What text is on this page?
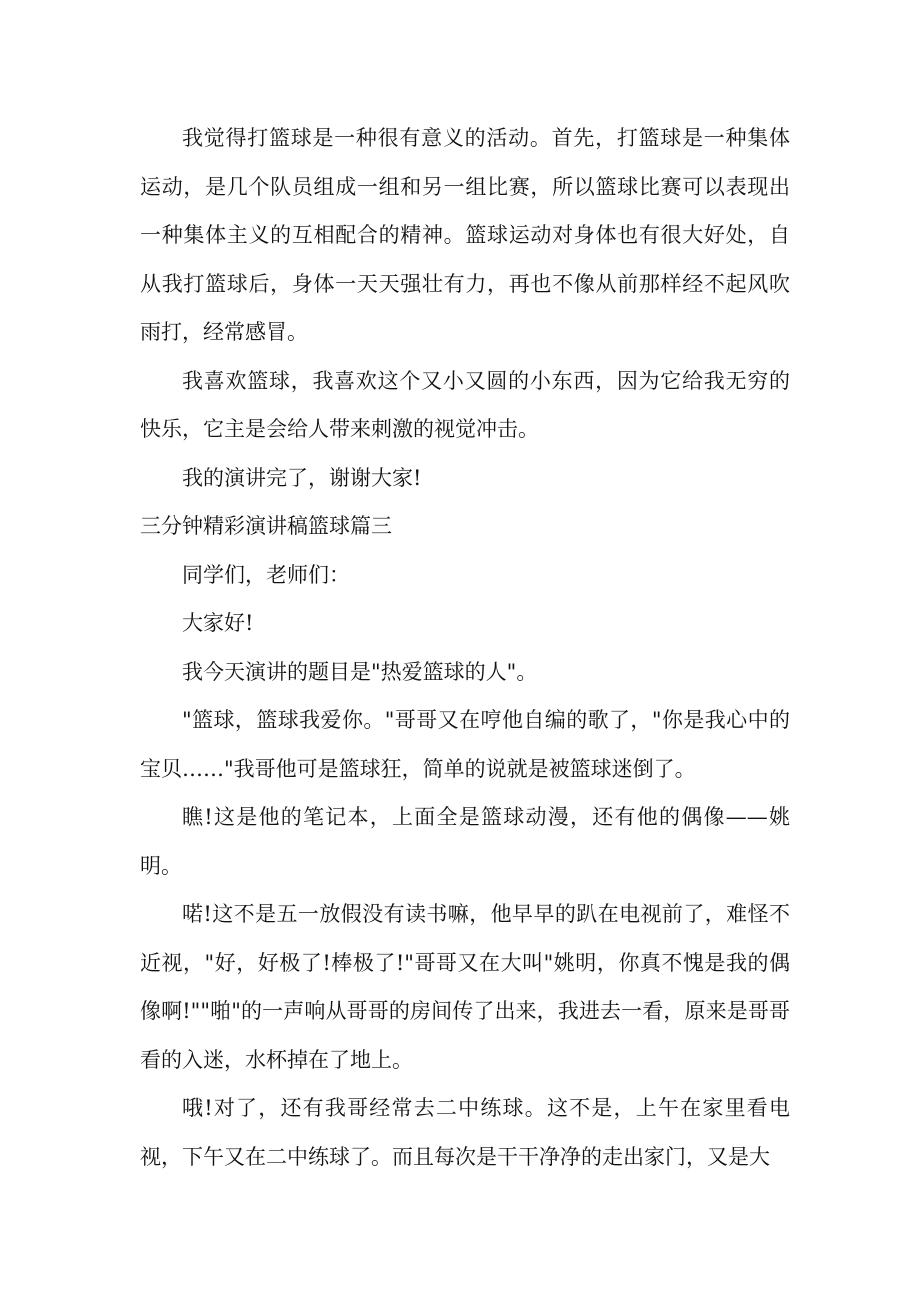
我觉得打篮球是一种很有意义的活动。首先，打篮球是一种集体运动，是几个队员组成一组和另一组比赛，所以篮球比赛可以表现出一种集体主义的互相配合的精神。篮球运动对身体也有很大好处，自从我打篮球后，身体一天天强壮有力，再也不像从前那样经不起风吹雨打，经常感冒。

我喜欢篮球，我喜欢这个又小又圆的小东西，因为它给我无穷的快乐，它主是会给人带来刺激的视觉冲击。

我的演讲完了，谢谢大家!

三分钟精彩演讲稿篮球篇三

同学们，老师们：

大家好!

我今天演讲的题目是"热爱篮球的人"。

"篮球，篮球我爱你。"哥哥又在哼他自编的歌了，"你是我心中的宝贝……"我哥他可是篮球狂，简单的说就是被篮球迷倒了。

瞧!这是他的笔记本，上面全是篮球动漫，还有他的偶像——姚明。

喏!这不是五一放假没有读书嘛，他早早的趴在电视前了，难怪不近视，"好，好极了!棒极了!"哥哥又在大叫"姚明，你真不愧是我的偶像啊!""啪"的一声响从哥哥的房间传了出来，我进去一看，原来是哥哥看的入迷，水杯掉在了地上。

哦!对了，还有我哥经常去二中练球。这不是，上午在家里看电视，下午又在二中练球了。而且每次是干干净净的走出家门，又是大
